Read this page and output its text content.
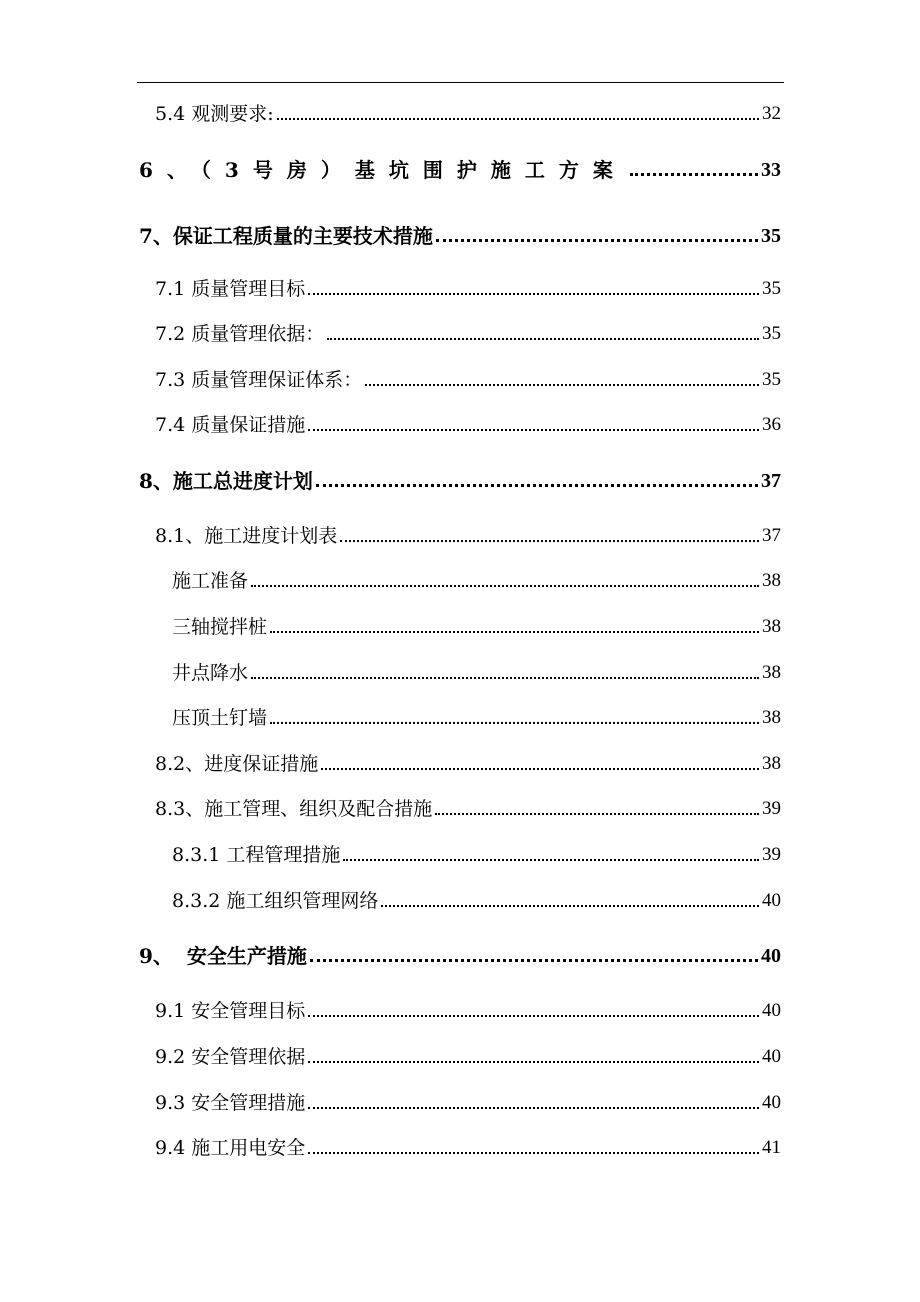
5.4 观测要求:	32
6、（3号房）基坑围护施工方案	33
7、保证工程质量的主要技术措施	35
7.1 质量管理目标	35
7.2 质量管理依据：	35
7.3 质量管理保证体系：	35
7.4 质量保证措施	36
8、施工总进度计划	37
8.1、施工进度计划表	37
施工准备	38
三轴搅拌桩	38
井点降水	38
压顶土钉墙	38
8.2、进度保证措施	38
8.3、施工管理、组织及配合措施	39
8.3.1 工程管理措施	39
8.3.2 施工组织管理网络	40
9、  安全生产措施	40
9.1 安全管理目标	40
9.2 安全管理依据	40
9.3 安全管理措施	40
9.4 施工用电安全	41
